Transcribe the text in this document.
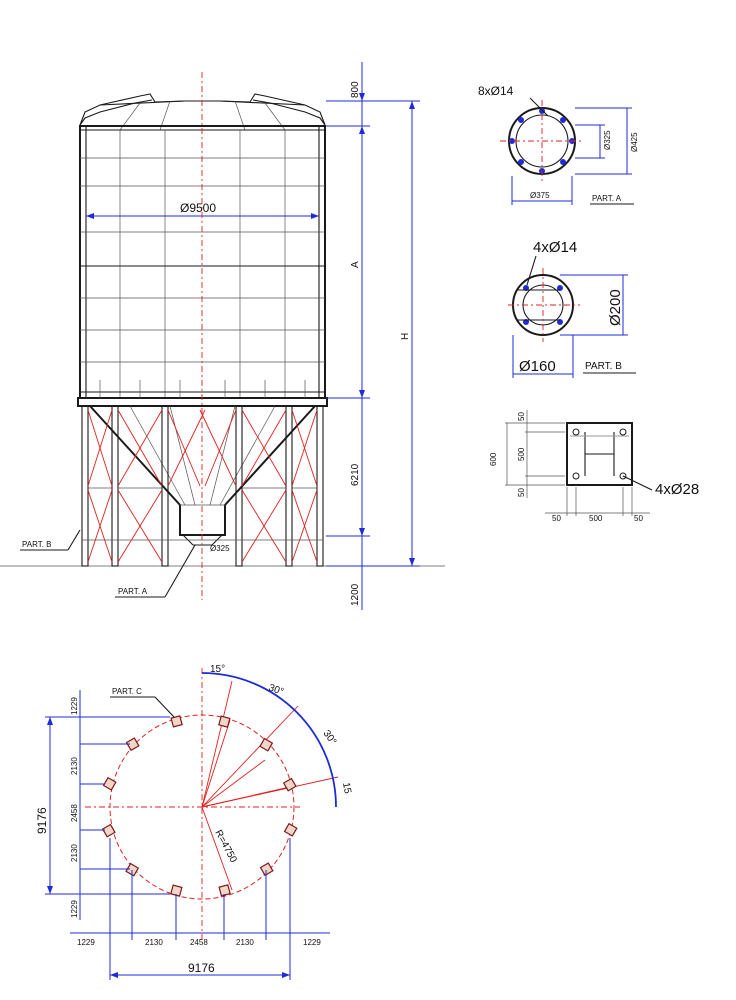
Ø9500
Ø325
800
A
H
6210
1200
PART. B
PART. A
8xØ14
Ø325 Ø425
Ø375	PART. A
4xØ14
Ø200
Ø160	PART. B
4xØ28
600
50
500
50
50	500	50
15°
30°
30°
15
R=4750
PART. C
9176
1229
2130
2458
2130
1229
1229	2130	2458	2130	1229
9176
